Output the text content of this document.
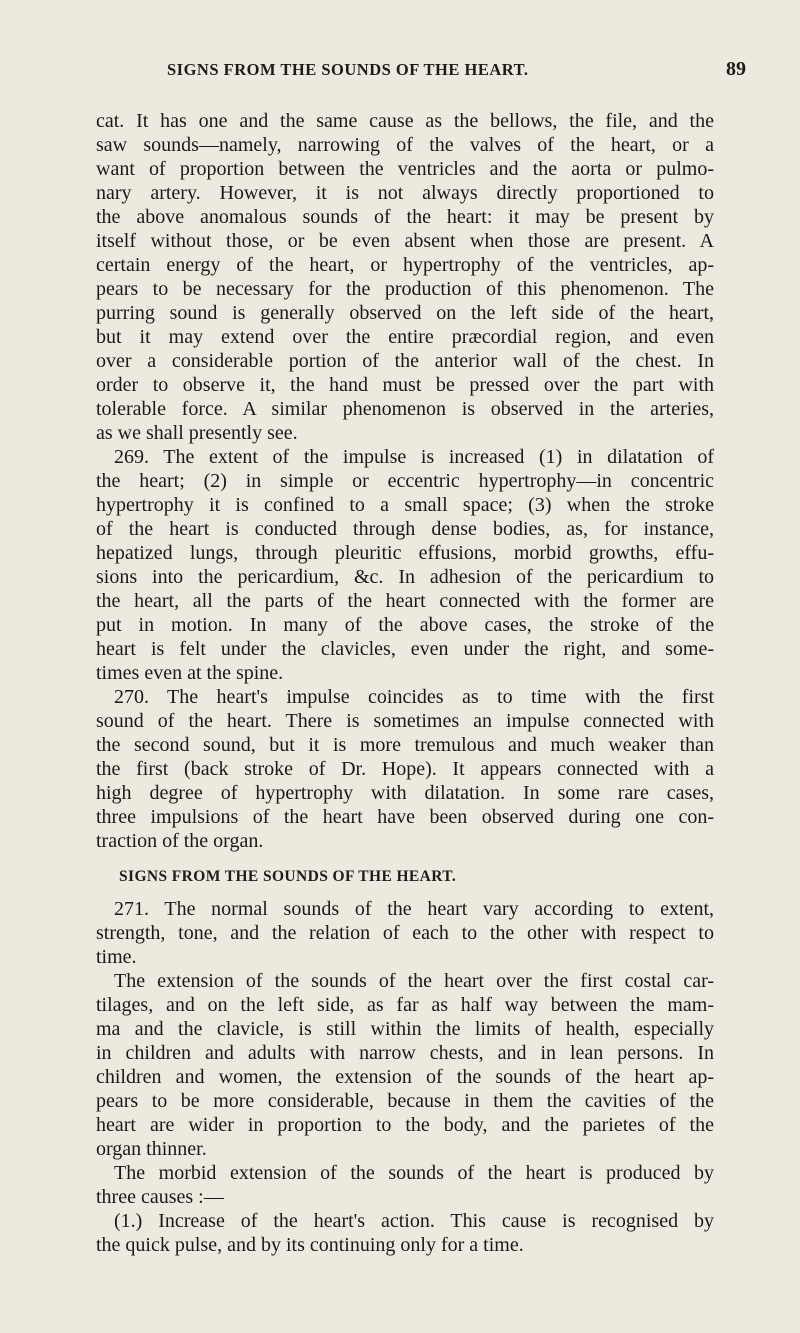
SIGNS FROM THE SOUNDS OF THE HEART.	89
cat. It has one and the same cause as the bellows, the file, and the
saw sounds—namely, narrowing of the valves of the heart, or a
want of proportion between the ventricles and the aorta or pulmo-
nary artery. However, it is not always directly proportioned to
the above anomalous sounds of the heart: it may be present by
itself without those, or be even absent when those are present. A
certain energy of the heart, or hypertrophy of the ventricles, ap-
pears to be necessary for the production of this phenomenon. The
purring sound is generally observed on the left side of the heart,
but it may extend over the entire præcordial region, and even
over a considerable portion of the anterior wall of the chest. In
order to observe it, the hand must be pressed over the part with
tolerable force. A similar phenomenon is observed in the arteries,
as we shall presently see.
269. The extent of the impulse is increased (1) in dilatation of
the heart; (2) in simple or eccentric hypertrophy—in concentric
hypertrophy it is confined to a small space; (3) when the stroke
of the heart is conducted through dense bodies, as, for instance,
hepatized lungs, through pleuritic effusions, morbid growths, effu-
sions into the pericardium, &c. In adhesion of the pericardium to
the heart, all the parts of the heart connected with the former are
put in motion. In many of the above cases, the stroke of the
heart is felt under the clavicles, even under the right, and some-
times even at the spine.
270. The heart's impulse coincides as to time with the first
sound of the heart. There is sometimes an impulse connected with
the second sound, but it is more tremulous and much weaker than
the first (back stroke of Dr. Hope). It appears connected with a
high degree of hypertrophy with dilatation. In some rare cases,
three impulsions of the heart have been observed during one con-
traction of the organ.
SIGNS FROM THE SOUNDS OF THE HEART.
271. The normal sounds of the heart vary according to extent,
strength, tone, and the relation of each to the other with respect to
time.
The extension of the sounds of the heart over the first costal car-
tilages, and on the left side, as far as half way between the mam-
ma and the clavicle, is still within the limits of health, especially
in children and adults with narrow chests, and in lean persons. In
children and women, the extension of the sounds of the heart ap-
pears to be more considerable, because in them the cavities of the
heart are wider in proportion to the body, and the parietes of the
organ thinner.
The morbid extension of the sounds of the heart is produced by
three causes :—
(1.) Increase of the heart's action. This cause is recognised by
the quick pulse, and by its continuing only for a time.
